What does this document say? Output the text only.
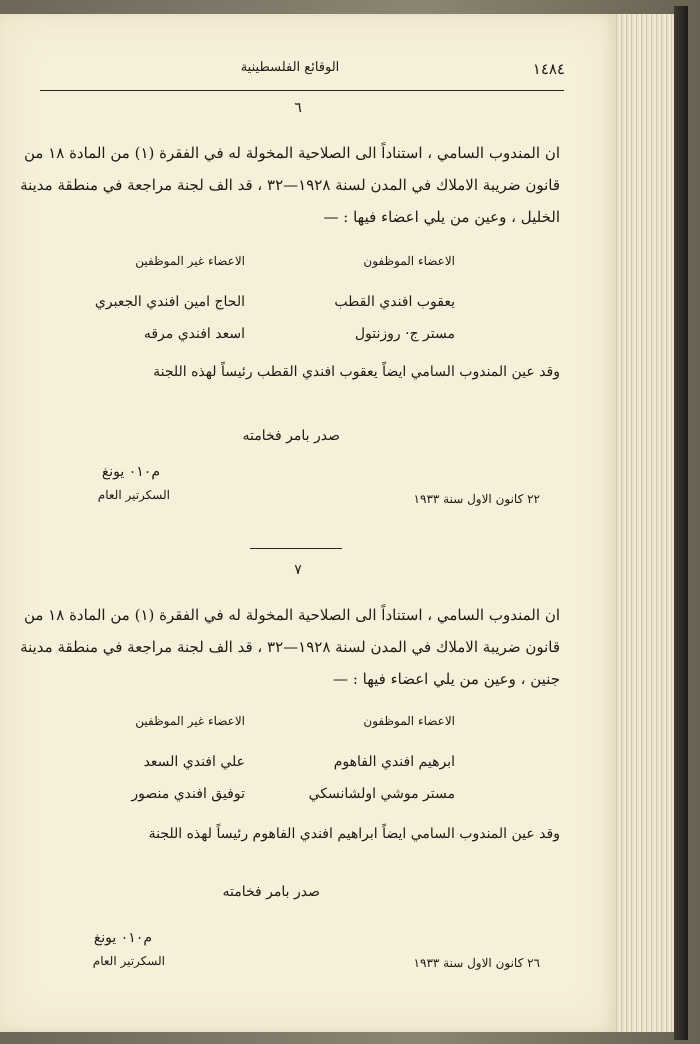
١٤٨٤
الوقائع الفلسطينية
٦
ان المندوب السامي ، استناداً الى الصلاحية المخولة له في الفقرة (١) من المادة ١٨ من
قانون ضريبة الاملاك في المدن لسنة ١٩٢٨—٣٢ ، قد الف لجنة مراجعة في منطقة مدينة
الخليل ، وعين من يلي اعضاء فيها : —
الاعضاء الموظفون
الاعضاء غير الموظفين
يعقوب افندي القطب
الحاج امين افندي الجعبري
مستر ج· روزنتول
اسعد افندي مرقه
وقد عين المندوب السامي ايضاً يعقوب افندي القطب رئيساً لهذه اللجنة
صدر بامر فخامته
م٠١٠ يونغ
السكرتير العام	٢٢ كانون الاول سنة ١٩٣٣
٧
ان المندوب السامي ، استناداً الى الصلاحية المخولة له في الفقرة (١) من المادة ١٨ من
قانون ضريبة الاملاك في المدن لسنة ١٩٢٨—٣٢ ، قد الف لجنة مراجعة في منطقة مدينة
جنين ، وعين من يلي اعضاء فيها : —
الاعضاء الموظفون
الاعضاء غير الموظفين
ابرهيم افندي الفاهوم
علي افندي السعد
مستر موشي اولشانسكي
توفيق افندي منصور
وقد عين المندوب السامي ايضاً ابراهيم افندي الفاهوم رئيساً لهذه اللجنة
صدر بامر فخامته
م٠١٠ يونغ
السكرتير العام	٢٦ كانون الاول سنة ١٩٣٣
